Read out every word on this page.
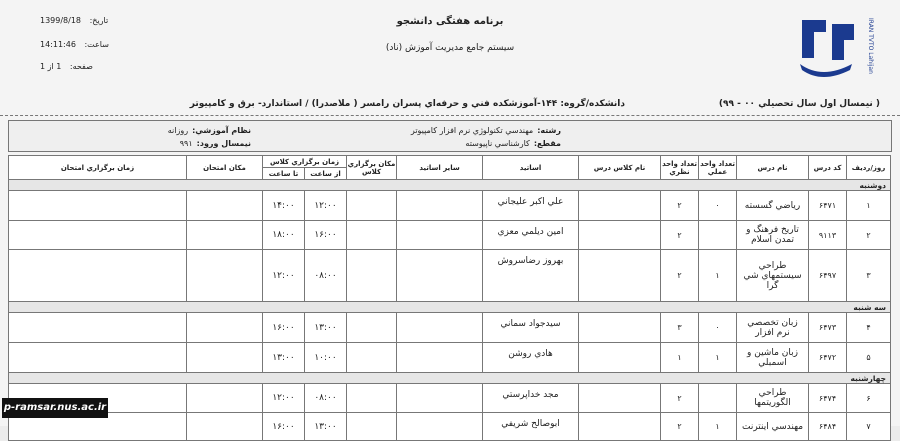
IRAN TVTO Lahijan
برنامه هفتگی دانشجو
سيستم جامع مديريت آموزش (ناد)
تاريخ: 1399/8/18
ساعت: 14:11:46
صفحه: 1 از 1
( نيمسال اول سال تحصيلي ۰۰ - ۹۹)
دانشكده/گروه: ۱۴۴-آموزشكده فني و حرفه‌اي پسران رامسر ( ملاصدرا) / استاندارد- برق و كامپيوتر
رشته:مهندسي تكنولوژي نرم افزار كامپيوتر
نظام آموزشي:روزانه
مقطع:كارشناسي ناپيوسته
نيمسال ورود:۹۹۱
روز/رديف	كد درس	نام درس	تعداد واحد عملي	تعداد واحد نظري	نام كلاس درس	اساتيد	ساير اساتيد	مكان برگزاري كلاس	زمان برگزاري كلاس		مكان امتحان	زمان برگزاري امتحان
									از ساعت	تا ساعت		
دوشنبه												
۱	۶۴۷۱	رياضي گسسته	۰	۲		علي اكبر عليجاني			۱۲:۰۰	۱۴:۰۰		
۲	۹۱۱۳	تاريخ فرهنگ و تمدن اسلام		۲		امين ديلمي معزي			۱۶:۰۰	۱۸:۰۰		
۳	۶۴۹۷	طراحي سيستمهاي شي گرا	۱	۲		بهروز رضاسروش			۰۸:۰۰	۱۲:۰۰		
سه شنبه												
۴	۶۴۷۳	زبان تخصصي نرم افزار	۰	۳		سيدجواد سماني			۱۳:۰۰	۱۶:۰۰		
۵	۶۴۷۲	زبان ماشين و اسمبلي	۱	۱		هادي روشن			۱۰:۰۰	۱۳:۰۰		
چهارشنبه												
۶	۶۴۷۴	طراحي الگوريتمها		۲		مجد خداپرستي			۰۸:۰۰	۱۲:۰۰		
۷	۶۴۸۴	مهندسي اينترنت	۱	۲		ابوصالح شريفي			۱۳:۰۰	۱۶:۰۰		
p-ramsar.nus.ac.ir
